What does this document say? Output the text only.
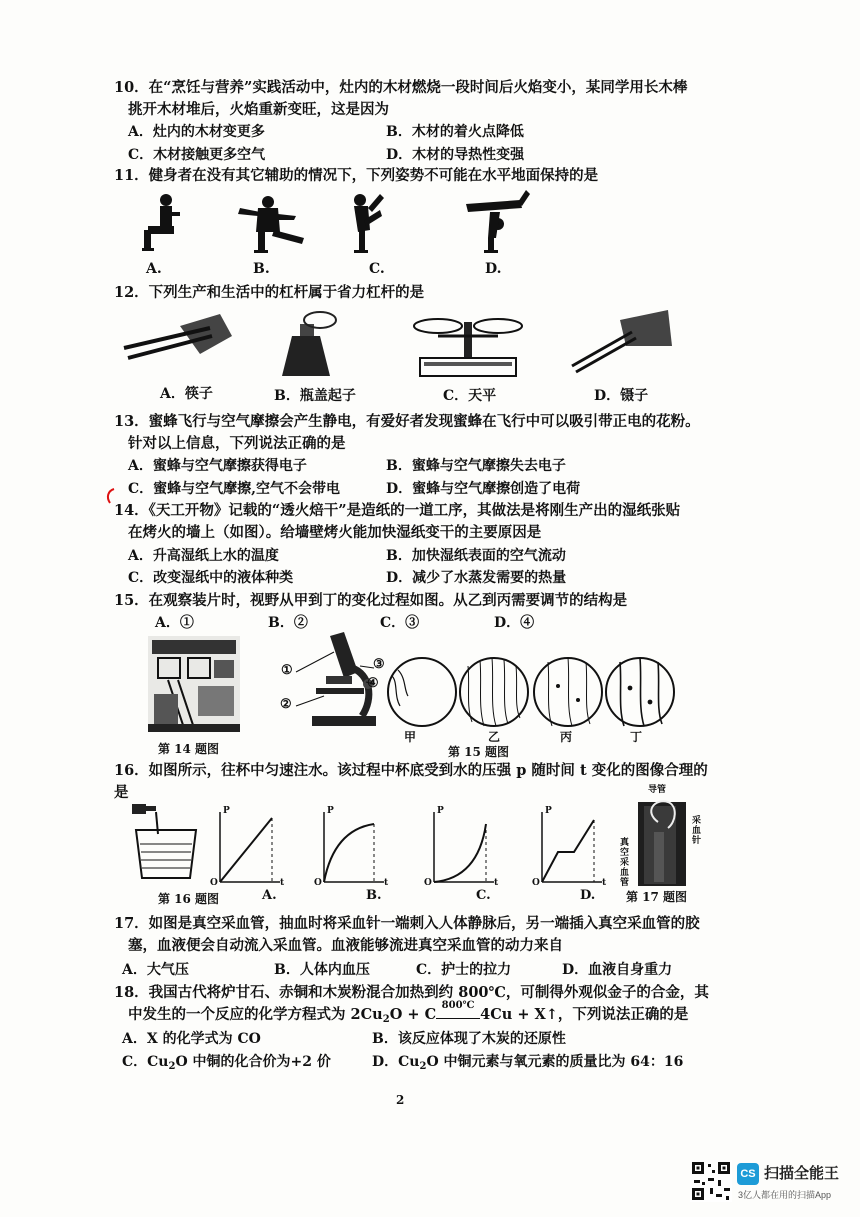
10．在“烹饪与营养”实践活动中，灶内的木材燃烧一段时间后火焰变小，某同学用长木棒
挑开木材堆后，火焰重新变旺，这是因为
A．灶内的木材变更多	B．木材的着火点降低
C．木材接触更多空气	D．木材的导热性变强
11．健身者在没有其它辅助的情况下，下列姿势不可能在水平地面保持的是
A.	B.	C.	D.
12．下列生产和生活中的杠杆属于省力杠杆的是
A．筷子	B．瓶盖起子	C．天平	D．镊子
13．蜜蜂飞行与空气摩擦会产生静电，有爱好者发现蜜蜂在飞行中可以吸引带正电的花粉。
针对以上信息，下列说法正确的是
A．蜜蜂与空气摩擦获得电子	B．蜜蜂与空气摩擦失去电子
C．蜜蜂与空气摩擦,空气不会带电	D．蜜蜂与空气摩擦创造了电荷
14．《天工开物》记载的“透火焙干”是造纸的一道工序，其做法是将刚生产出的湿纸张贴
在烤火的墙上（如图）。给墙壁烤火能加快湿纸变干的主要原因是
A．升高湿纸上水的温度	B．加快湿纸表面的空气流动
C．改变湿纸中的液体种类	D．减少了水蒸发需要的热量
15．在观察装片时，视野从甲到丁的变化过程如图。从乙到丙需要调节的结构是
A．①	B．②	C．③	D．④
第 14 题图
①
②
③
④
甲	乙	丙	丁
第 15 题图
16．如图所示，往杯中匀速注水。该过程中杯底受到水的压强 p 随时间 t 变化的图像合理的
是
P
O	t
P
O	t
P
O	t
P
O	t
第 16 题图	A.	B.	C.	D.
导管
采血针
真空采血管
第 17 题图
17．如图是真空采血管，抽血时将采血针一端刺入人体静脉后，另一端插入真空采血管的胶
塞，血液便会自动流入采血管。血液能够流进真空采血管的动力来自
A．大气压	B．人体内血压	C．护士的拉力	D．血液自身重力
18．我国古代将炉甘石、赤铜和木炭粉混合加热到约 800℃，可制得外观似金子的合金，其
中发生的一个反应的化学方程式为 $2Cu_2O + C$
800℃
4Cu + X↑，下列说法正确的是
A．X 的化学式为 CO	B．该反应体现了木炭的还原性
C．$Cu_2O$ 中铜的化合价为+2 价	D．$Cu_2O$ 中铜元素与氧元素的质量比为 64：16
2
CS 扫描全能王
3亿人都在用的扫描App
